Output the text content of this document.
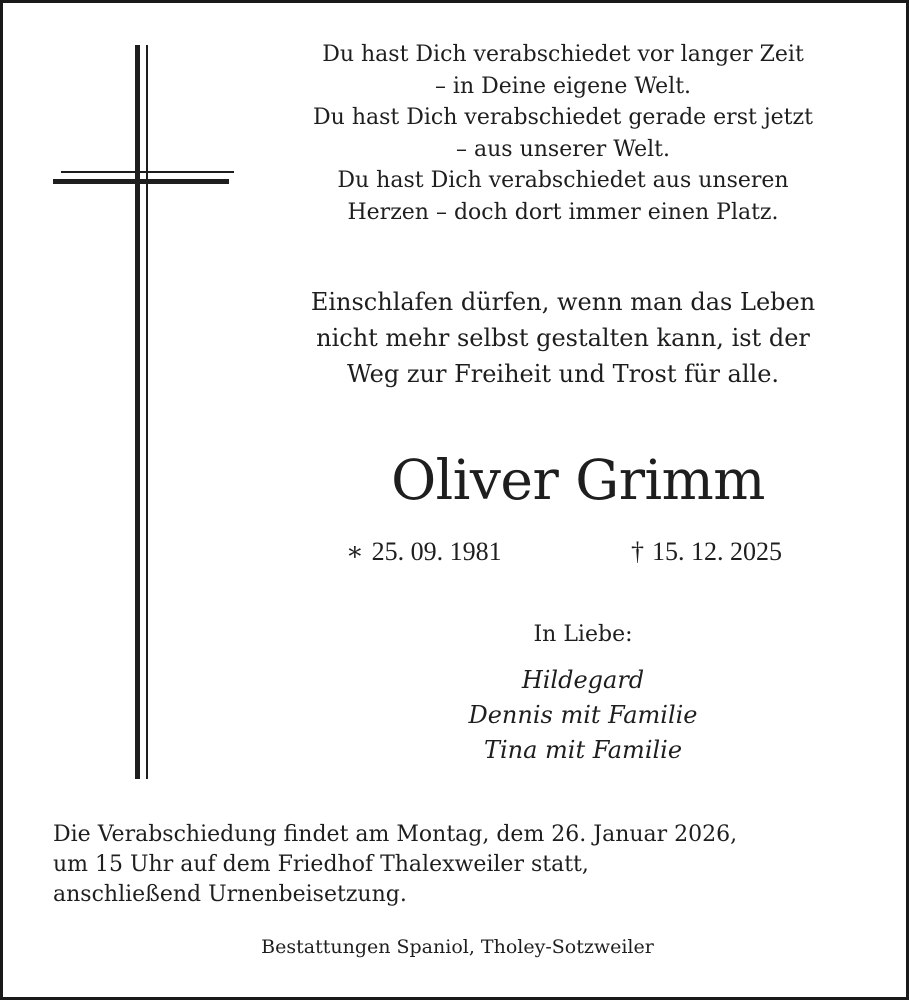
Du hast Dich verabschiedet vor langer Zeit
– in Deine eigene Welt.
Du hast Dich verabschiedet gerade erst jetzt
– aus unserer Welt.
Du hast Dich verabschiedet aus unseren
Herzen – doch dort immer einen Platz.
Einschlafen dürfen, wenn man das Leben
nicht mehr selbst gestalten kann, ist der
Weg zur Freiheit und Trost für alle.
Oliver Grimm
∗ 25. 09. 1981	† 15. 12. 2025
In Liebe:
Hildegard
Dennis mit Familie
Tina mit Familie
Die Verabschiedung findet am Montag, dem 26. Januar 2026,
um 15 Uhr auf dem Friedhof Thalexweiler statt,
anschließend Urnenbeisetzung.
Bestattungen Spaniol, Tholey-Sotzweiler
